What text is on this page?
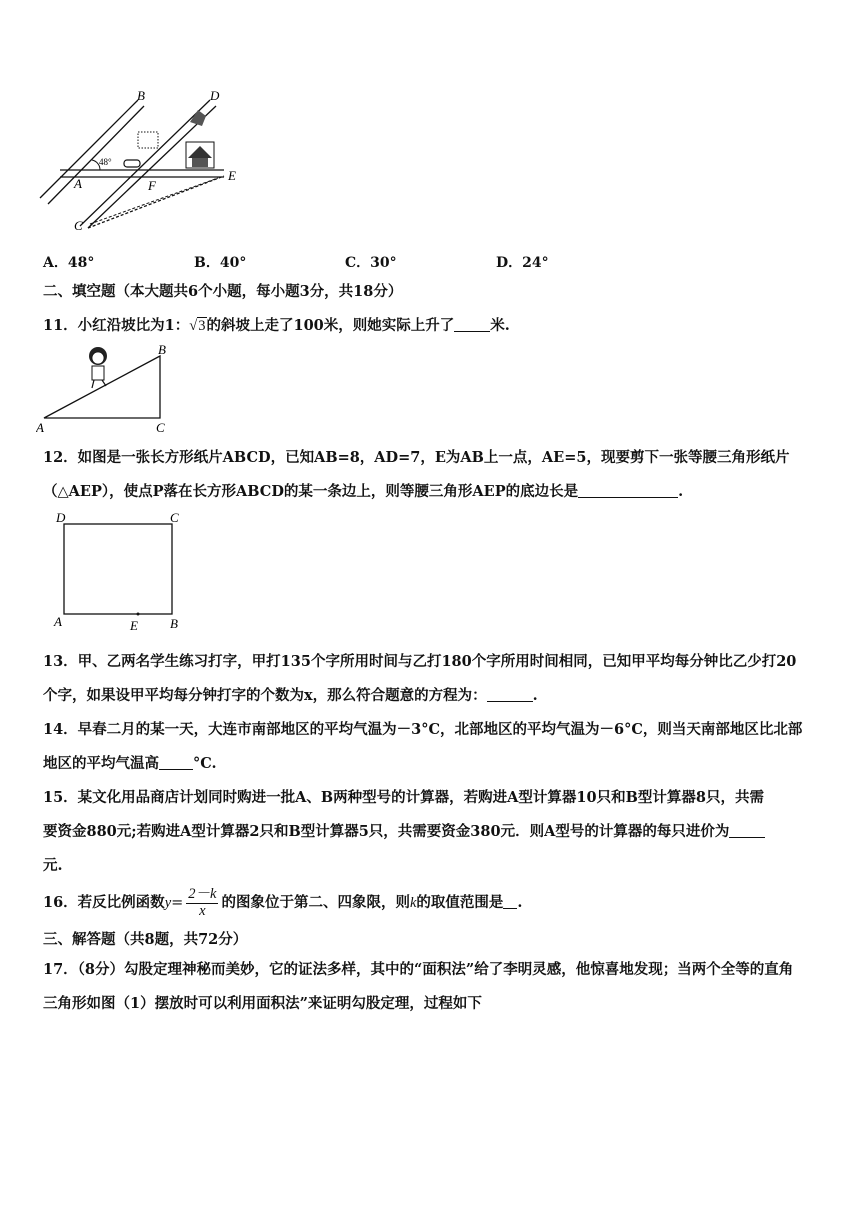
B	D
A	F
E
C
48°
A．48°	B．40°	C．30°	D．24°
二、填空题（本大题共6个小题，每小题3分，共18分）
11．小红沿坡比为1：√3的斜坡上走了100米，则她实际上升了 米.
A
B
C
12．如图是一张长方形纸片ABCD，已知AB=8，AD=7，E为AB上一点，AE=5，现要剪下一张等腰三角形纸片
（△AEP），使点P落在长方形ABCD的某一条边上，则等腰三角形AEP的底边长是	.
D	C
A	E B
13．甲、乙两名学生练习打字，甲打135个字所用时间与乙打180个字所用时间相同，已知甲平均每分钟比乙少打20
个字，如果设甲平均每分钟打字的个数为x，那么符合题意的方程为：	.
14．早春二月的某一天，大连市南部地区的平均气温为－3°C，北部地区的平均气温为－6°C，则当天南部地区比北部
地区的平均气温高 °C.
15．某文化用品商店计划同时购进一批A、B两种型号的计算器，若购进A型计算器10只和B型计算器8只，共需
要资金880元;若购进A型计算器2只和B型计算器5只，共需要资金380元．则A型号的计算器的每只进价为
元.
16．若反比例函数$y= \frac{2-k}{x}$ 的图象位于第二、四象限，则k的取值范围是 .
三、解答题（共8题，共72分）
17．（8分）勾股定理神秘而美妙，它的证法多样，其中的“面积法”给了李明灵感，他惊喜地发现；当两个全等的直角
三角形如图（1）摆放时可以利用面积法”来证明勾股定理，过程如下
